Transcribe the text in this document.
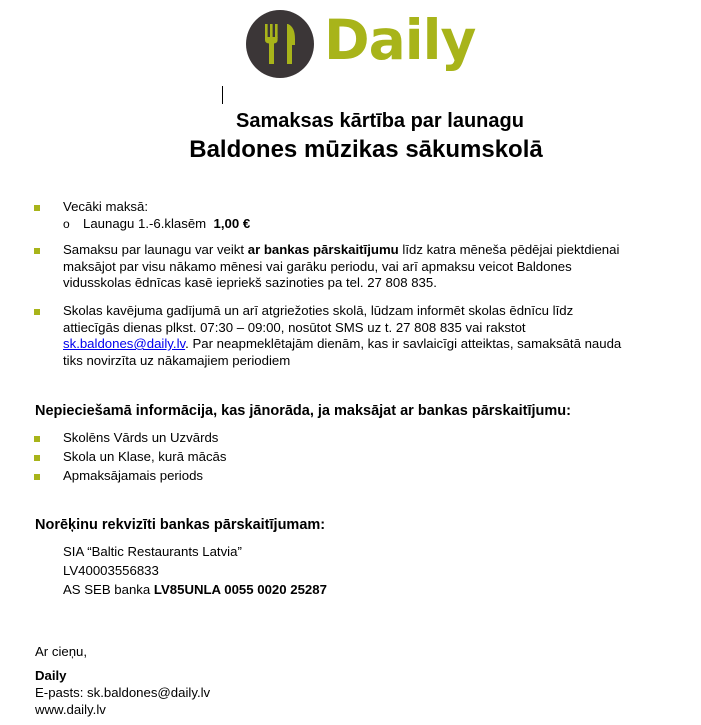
Daily
Samaksas kārtība par launagu
Baldones mūzikas sākumskolā
Vecāki maksā:
o Launagu 1.-6.klasēm 1,00 €
Samaksu par launagu var veikt ar bankas pārskaitījumu līdz katra mēneša pēdējai piektdienai
maksājot par visu nākamo mēnesi vai garāku periodu, vai arī apmaksu veicot Baldones
vidusskolas ēdnīcas kasē iepriekš sazinoties pa tel. 27 808 835.
Skolas kavējuma gadījumā un arī atgriežoties skolā, lūdzam informēt skolas ēdnīcu līdz
attiecīgās dienas plkst. 07:30 – 09:00, nosūtot SMS uz t. 27 808 835 vai rakstot
sk.baldones@daily.lv. Par neapmeklētajām dienām, kas ir savlaicīgi atteiktas, samaksātā nauda
tiks novirzīta uz nākamajiem periodiem
Nepieciešamā informācija, kas jānorāda, ja maksājat ar bankas pārskaitījumu:
Skolēns Vārds un Uzvārds
Skola un Klase, kurā mācās
Apmaksājamais periods
Norēķinu rekvizīti bankas pārskaitījumam:
SIA “Baltic Restaurants Latvia”
LV40003556833
AS SEB banka LV85UNLA 0055 0020 25287
Ar cieņu,
Daily
E-pasts: sk.baldones@daily.lv
www.daily.lv
